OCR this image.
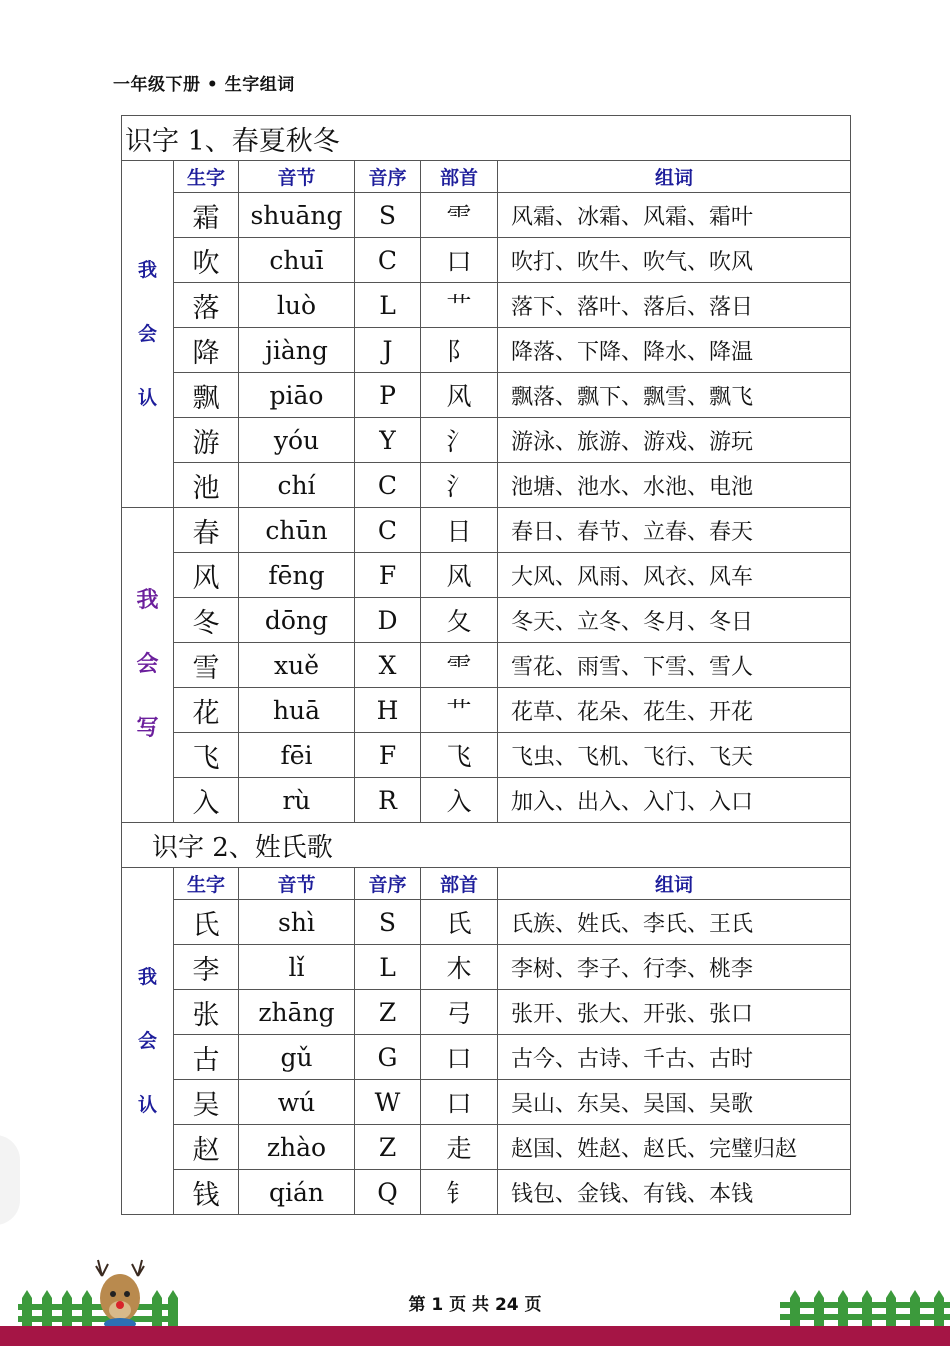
一年级下册 • 生字组词
识字 1、春夏秋冬					

我
会
认	生字	音节	音序	部首	组词
	霜	shuāng	S	⻗	风霜、冰霜、风霜、霜叶
	吹	chuī	C	口	吹打、吹牛、吹气、吹风
	落	luò	L	艹	落下、落叶、落后、落日
	降	jiàng	J	阝	降落、下降、降水、降温
	飘	piāo	P	风	飘落、飘下、飘雪、飘飞
	游	yóu	Y	氵	游泳、旅游、游戏、游玩
	池	chí	C	氵	池塘、池水、水池、电池

我
会
写	春	chūn	C	日	春日、春节、立春、春天
	风	fēng	F	风	大风、风雨、风衣、风车
	冬	dōng	D	夂	冬天、立冬、冬月、冬日
	雪	xuě	X	⻗	雪花、雨雪、下雪、雪人
	花	huā	H	艹	花草、花朵、花生、开花
	飞	fēi	F	飞	飞虫、飞机、飞行、飞天
	入	rù	R	入	加入、出入、入门、入口
识字 2、姓氏歌					

我
会
认	生字	音节	音序	部首	组词
	氏	shì	S	氏	氏族、姓氏、李氏、王氏
	李	lǐ	L	木	李树、李子、行李、桃李
	张	zhāng	Z	弓	张开、张大、开张、张口
	古	gǔ	G	口	古今、古诗、千古、古时
	吴	wú	W	口	吴山、东吴、吴国、吴歌
	赵	zhào	Z	走	赵国、姓赵、赵氏、完璧归赵
	钱	qián	Q	钅	钱包、金钱、有钱、本钱
第 1 页 共 24 页
